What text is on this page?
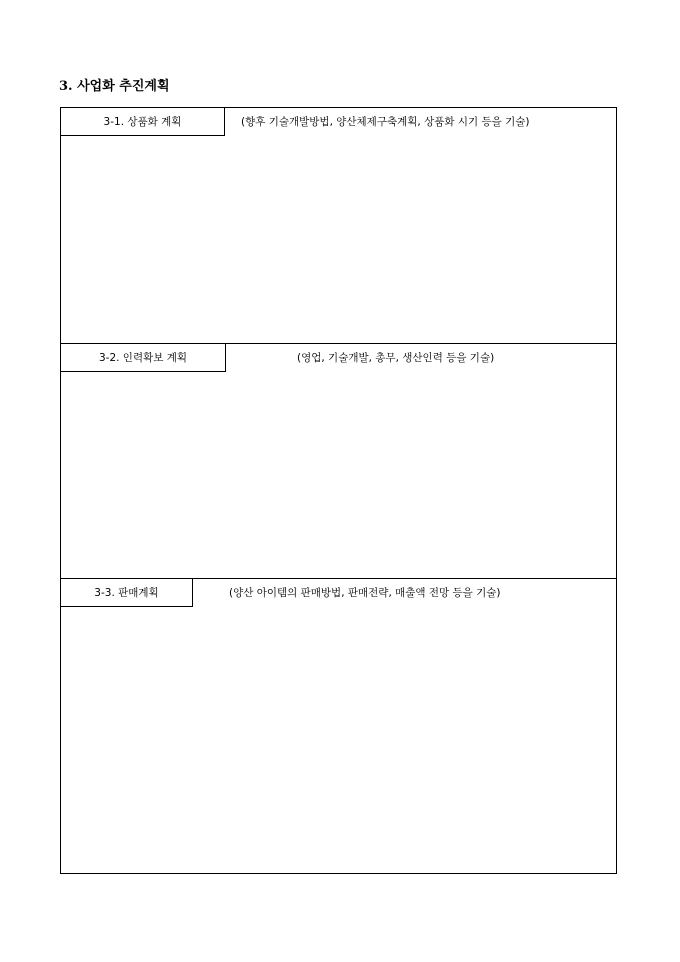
3. 사업화 추진계획
3-1. 상품화 계획	(향후 기술개발방법, 양산체제구축계획, 상품화 시기 등을 기술)
3-2. 인력확보 계획	(영업, 기술개발, 총무, 생산인력 등을 기술)
3-3. 판매계획	(양산 아이템의 판매방법, 판매전략, 매출액 전망 등을 기술)
